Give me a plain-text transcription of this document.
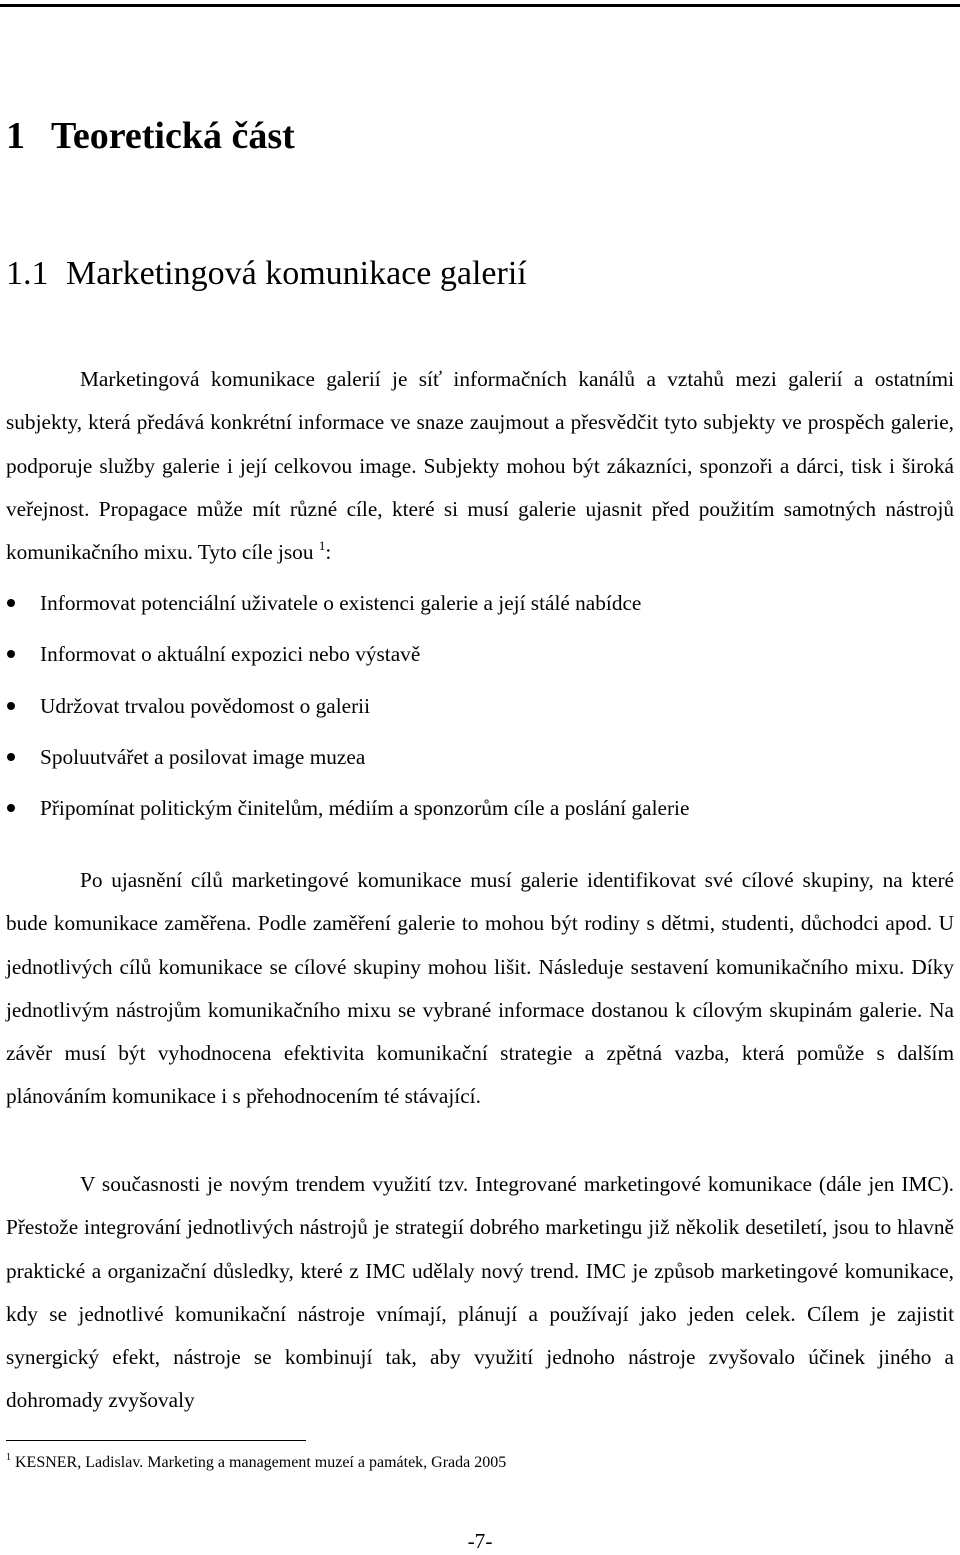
1 Teoretická část
1.1 Marketingová komunikace galerií

Marketingová komunikace galerií je síť informačních kanálů a vztahů mezi galerií a ostatními subjekty, která předává konkrétní informace ve snaze zaujmout a přesvědčit tyto subjekty ve prospěch galerie, podporuje služby galerie i její celkovou image. Subjekty mohou být zákazníci, sponzoři a dárci, tisk i široká veřejnost. Propagace může mít různé cíle, které si musí galerie ujasnit před použitím samotných nástrojů komunikačního mixu. Tyto cíle jsou $^1$:

Informovat potenciální uživatele o existenci galerie a její stálé nabídce
Informovat o aktuální expozici nebo výstavě
Udržovat trvalou povědomost o galerii
Spoluutvářet a posilovat image muzea
Připomínat politickým činitelům, médiím a sponzorům cíle a poslání galerie

Po ujasnění cílů marketingové komunikace musí galerie identifikovat své cílové skupiny, na které bude komunikace zaměřena. Podle zaměření galerie to mohou být rodiny s dětmi, studenti, důchodci apod. U jednotlivých cílů komunikace se cílové skupiny mohou lišit. Následuje sestavení komunikačního mixu. Díky jednotlivým nástrojům komunikačního mixu se vybrané informace dostanou k cílovým skupinám galerie. Na závěr musí být vyhodnocena efektivita komunikační strategie a zpětná vazba, která pomůže s dalším plánováním komunikace i s přehodnocením té stávající.

V současnosti je novým trendem využití tzv. Integrované marketingové komunikace (dále jen IMC). Přestože integrování jednotlivých nástrojů je strategií dobrého marketingu již několik desetiletí, jsou to hlavně praktické a organizační důsledky, které z IMC udělaly nový trend. IMC je způsob marketingové komunikace, kdy se jednotlivé komunikační nástroje vnímají, plánují a používají jako jeden celek. Cílem je zajistit synergický efekt, nástroje se kombinují tak, aby využití jednoho nástroje zvyšovalo účinek jiného a dohromady zvyšovaly

$^1$ KESNER, Ladislav. Marketing a management muzeí a památek, Grada 2005

-7-
